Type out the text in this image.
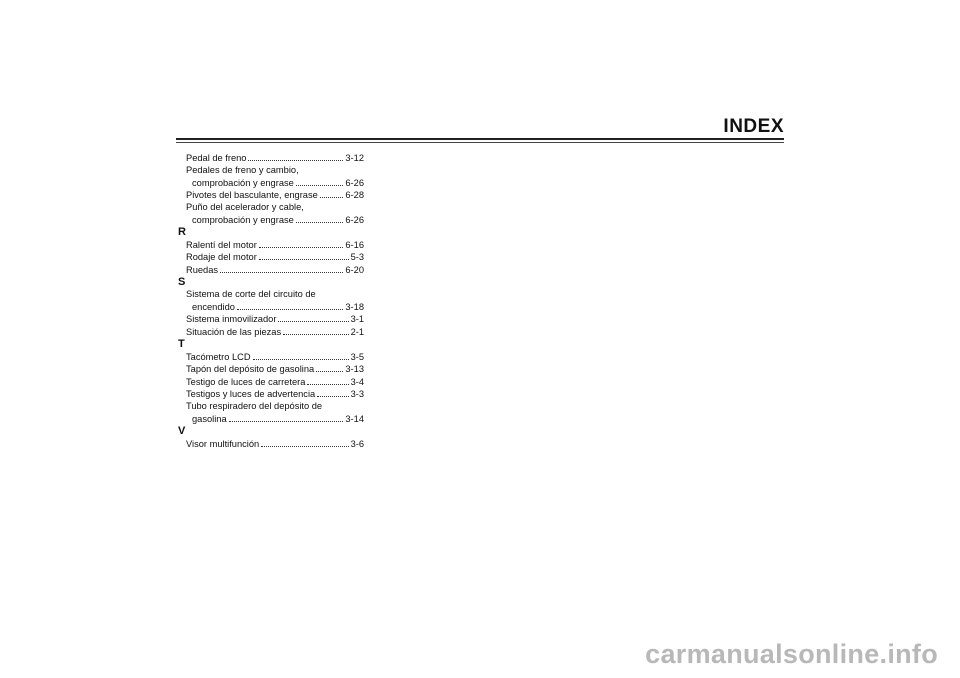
INDEX
Pedal de freno	3-12
Pedales de freno y cambio,
comprobación y engrase	6-26
Pivotes del basculante, engrase	6-28
Puño del acelerador y cable,
comprobación y engrase	6-26
R
Ralentí del motor	6-16
Rodaje del motor	5-3
Ruedas	6-20
S
Sistema de corte del circuito de
encendido	3-18
Sistema inmovilizador	3-1
Situación de las piezas	2-1
T
Tacómetro LCD	3-5
Tapón del depósito de gasolina	3-13
Testigo de luces de carretera	3-4
Testigos y luces de advertencia	3-3
Tubo respiradero del depósito de
gasolina	3-14
V
Visor multifunción	3-6
carmanualsonline.info
